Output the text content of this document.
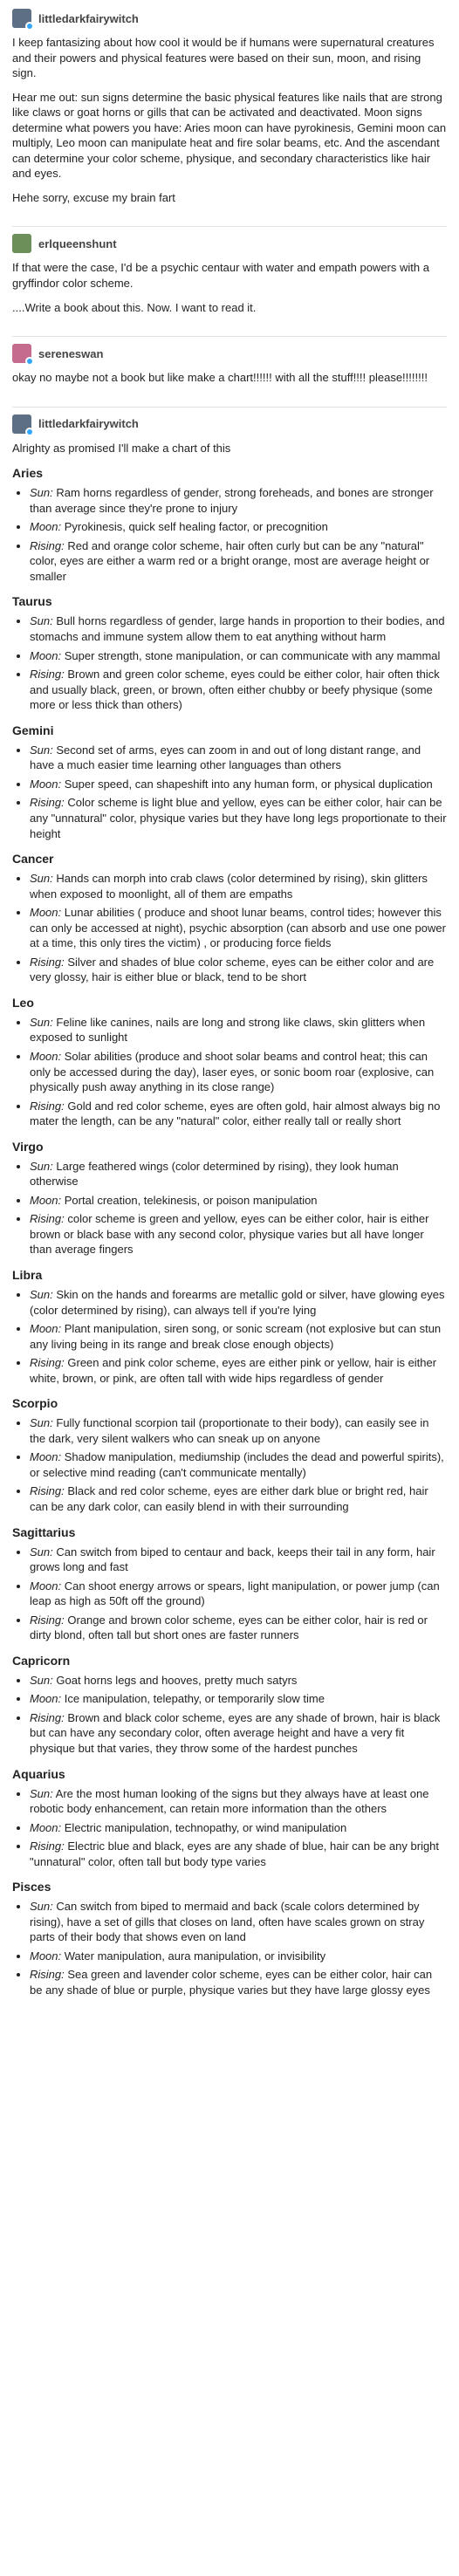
littledarkfairywitch

I keep fantasizing about how cool it would be if humans were supernatural creatures and their powers and physical features were based on their sun, moon, and rising sign.

Hear me out: sun signs determine the basic physical features like nails that are strong like claws or goat horns or gills that can be activated and deactivated. Moon signs determine what powers you have: Aries moon can have pyrokinesis, Gemini moon can multiply, Leo moon can manipulate heat and fire solar beams, etc. And the ascendant can determine your color scheme, physique, and secondary characteristics like hair and eyes.

Hehe sorry, excuse my brain fart

erlqueenshunt

If that were the case, I'd be a psychic centaur with water and empath powers with a gryffindor color scheme.

....Write a book about this. Now. I want to read it.

sereneswan

okay no maybe not a book but like make a chart!!!!!! with all the stuff!!!! please!!!!!!!!

littledarkfairywitch

Alrighty as promised I'll make a chart of this

Aries
• Sun: Ram horns regardless of gender, strong foreheads, and bones are stronger than average since they're prone to injury
• Moon: Pyrokinesis, quick self healing factor, or precognition
• Rising: Red and orange color scheme, hair often curly but can be any "natural" color, eyes are either a warm red or a bright orange, most are average height or smaller
Taurus
• Sun: Bull horns regardless of gender, large hands in proportion to their bodies, and stomachs and immune system allow them to eat anything without harm
• Moon: Super strength, stone manipulation, or can communicate with any mammal
• Rising: Brown and green color scheme, eyes could be either color, hair often thick and usually black, green, or brown, often either chubby or beefy physique (some more or less thick than others)
Gemini
• Sun: Second set of arms, eyes can zoom in and out of long distant range, and have a much easier time learning other languages than others
• Moon: Super speed, can shapeshift into any human form, or physical duplication
• Rising: Color scheme is light blue and yellow, eyes can be either color, hair can be any "unnatural" color, physique varies but they have long legs proportionate to their height
Cancer
• Sun: Hands can morph into crab claws (color determined by rising), skin glitters when exposed to moonlight, all of them are empaths
• Moon: Lunar abilities ( produce and shoot lunar beams, control tides; however this can only be accessed at night), psychic absorption (can absorb and use one power at a time, this only tires the victim) , or producing force fields
• Rising: Silver and shades of blue color scheme, eyes can be either color and are very glossy, hair is either blue or black, tend to be short
Leo
• Sun: Feline like canines, nails are long and strong like claws, skin glitters when exposed to sunlight
• Moon: Solar abilities (produce and shoot solar beams and control heat; this can only be accessed during the day), laser eyes, or sonic boom roar (explosive, can physically push away anything in its close range)
• Rising: Gold and red color scheme, eyes are often gold, hair almost always big no mater the length, can be any "natural" color, either really tall or really short
Virgo
• Sun: Large feathered wings (color determined by rising), they look human otherwise
• Moon: Portal creation, telekinesis, or poison manipulation
• Rising: color scheme is green and yellow, eyes can be either color, hair is either brown or black base with any second color, physique varies but all have longer than average fingers
Libra
• Sun: Skin on the hands and forearms are metallic gold or silver, have glowing eyes (color determined by rising), can always tell if you're lying
• Moon: Plant manipulation, siren song, or sonic scream (not explosive but can stun any living being in its range and break close enough objects)
• Rising: Green and pink color scheme, eyes are either pink or yellow, hair is either white, brown, or pink, are often tall with wide hips regardless of gender
Scorpio
• Sun: Fully functional scorpion tail (proportionate to their body), can easily see in the dark, very silent walkers who can sneak up on anyone
• Moon: Shadow manipulation, mediumship (includes the dead and powerful spirits), or selective mind reading (can't communicate mentally)
• Rising: Black and red color scheme, eyes are either dark blue or bright red, hair can be any dark color, can easily blend in with their surrounding
Sagittarius
• Sun: Can switch from biped to centaur and back, keeps their tail in any form, hair grows long and fast
• Moon: Can shoot energy arrows or spears, light manipulation, or power jump (can leap as high as 50ft off the ground)
• Rising: Orange and brown color scheme, eyes can be either color, hair is red or dirty blond, often tall but short ones are faster runners
Capricorn
• Sun: Goat horns legs and hooves, pretty much satyrs
• Moon: Ice manipulation, telepathy, or temporarily slow time
• Rising: Brown and black color scheme, eyes are any shade of brown, hair is black but can have any secondary color, often average height and have a very fit physique but that varies, they throw some of the hardest punches
Aquarius
• Sun: Are the most human looking of the signs but they always have at least one robotic body enhancement, can retain more information than the others
• Moon: Electric manipulation, technopathy, or wind manipulation
• Rising: Electric blue and black, eyes are any shade of blue, hair can be any bright "unnatural" color, often tall but body type varies
Pisces
• Sun: Can switch from biped to mermaid and back (scale colors determined by rising), have a set of gills that closes on land, often have scales grown on stray parts of their body that shows even on land
• Moon: Water manipulation, aura manipulation, or invisibility
• Rising: Sea green and lavender color scheme, eyes can be either color, hair can be any shade of blue or purple, physique varies but they have large glossy eyes
